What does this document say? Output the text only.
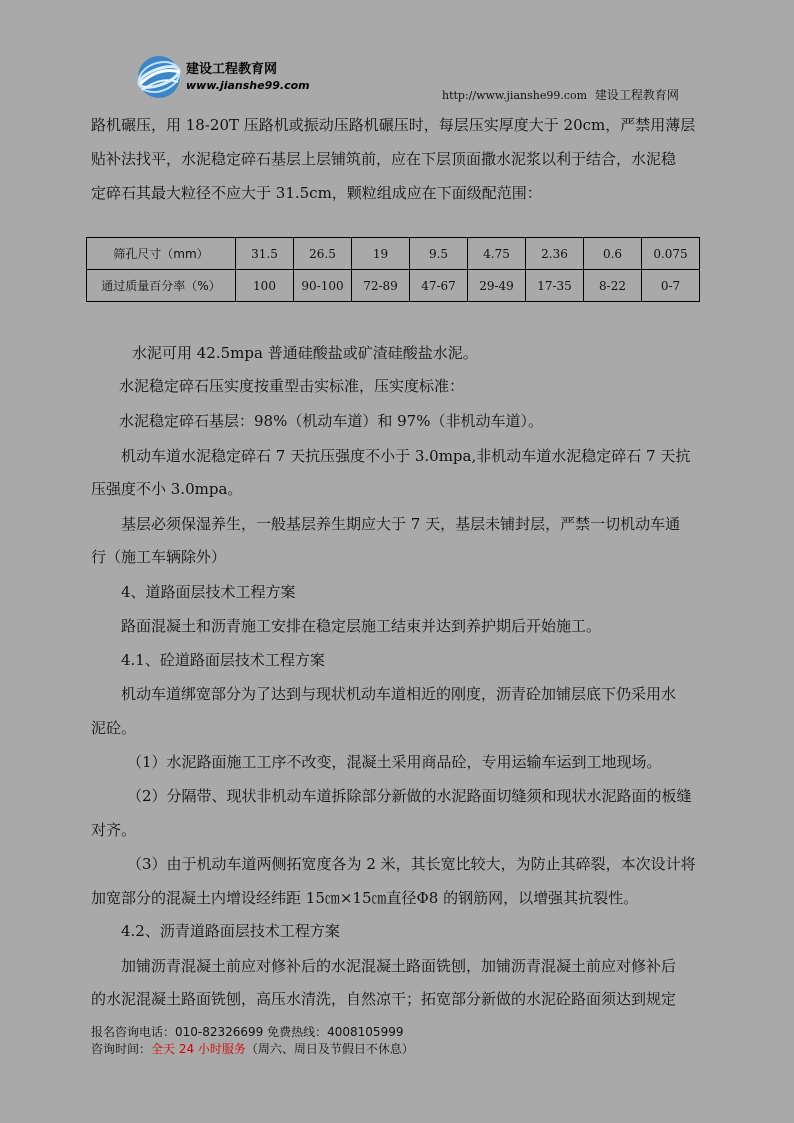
建设工程教育网
www.jianshe99.com
http://www.jianshe99.com 建设工程教育网

路机碾压，用 18-20T 压路机或振动压路机碾压时，每层压实厚度大于 20cm，严禁用薄层

贴补法找平，水泥稳定碎石基层上层铺筑前，应在下层顶面撒水泥浆以利于结合，水泥稳

定碎石其最大粒径不应大于 31.5cm，颗粒组成应在下面级配范围：

筛孔尺寸（mm）	31.5	26.5	19	9.5	4.75	2.36	0.6	0.075
通过质量百分率（%）	100	90-100	72-89	47-67	29-49	17-35	8-22	0-7
水泥可用 42.5mpa 普通硅酸盐或矿渣硅酸盐水泥。
水泥稳定碎石压实度按重型击实标准，压实度标准：
水泥稳定碎石基层：98%（机动车道）和 97%（非机动车道）。
机动车道水泥稳定碎石 7 天抗压强度不小于 3.0mpa,非机动车道水泥稳定碎石 7 天抗
压强度不小 3.0mpa。
基层必须保湿养生，一般基层养生期应大于 7 天，基层未铺封层，严禁一切机动车通
行（施工车辆除外）
4、道路面层技术工程方案
路面混凝土和沥青施工安排在稳定层施工结束并达到养护期后开始施工。
4.1、砼道路面层技术工程方案
机动车道绑宽部分为了达到与现状机动车道相近的刚度，沥青砼加铺层底下仍采用水
泥砼。
（1）水泥路面施工工序不改变，混凝土采用商品砼，专用运输车运到工地现场。
（2）分隔带、现状非机动车道拆除部分新做的水泥路面切缝须和现状水泥路面的板缝
对齐。
（3）由于机动车道两侧拓宽度各为 2 米，其长宽比较大，为防止其碎裂，本次设计将
加宽部分的混凝土内增设经纬距 15㎝×15㎝直径Φ8 的钢筋网，以增强其抗裂性。
4.2、沥青道路面层技术工程方案
加铺沥青混凝土前应对修补后的水泥混凝土路面铣刨，加铺沥青混凝土前应对修补后
的水泥混凝土路面铣刨，高压水清洗，自然凉干；拓宽部分新做的水泥砼路面须达到规定
报名咨询电话：010-82326699 免费热线：4008105999
咨询时间：全天 24 小时服务（周六、周日及节假日不休息）
